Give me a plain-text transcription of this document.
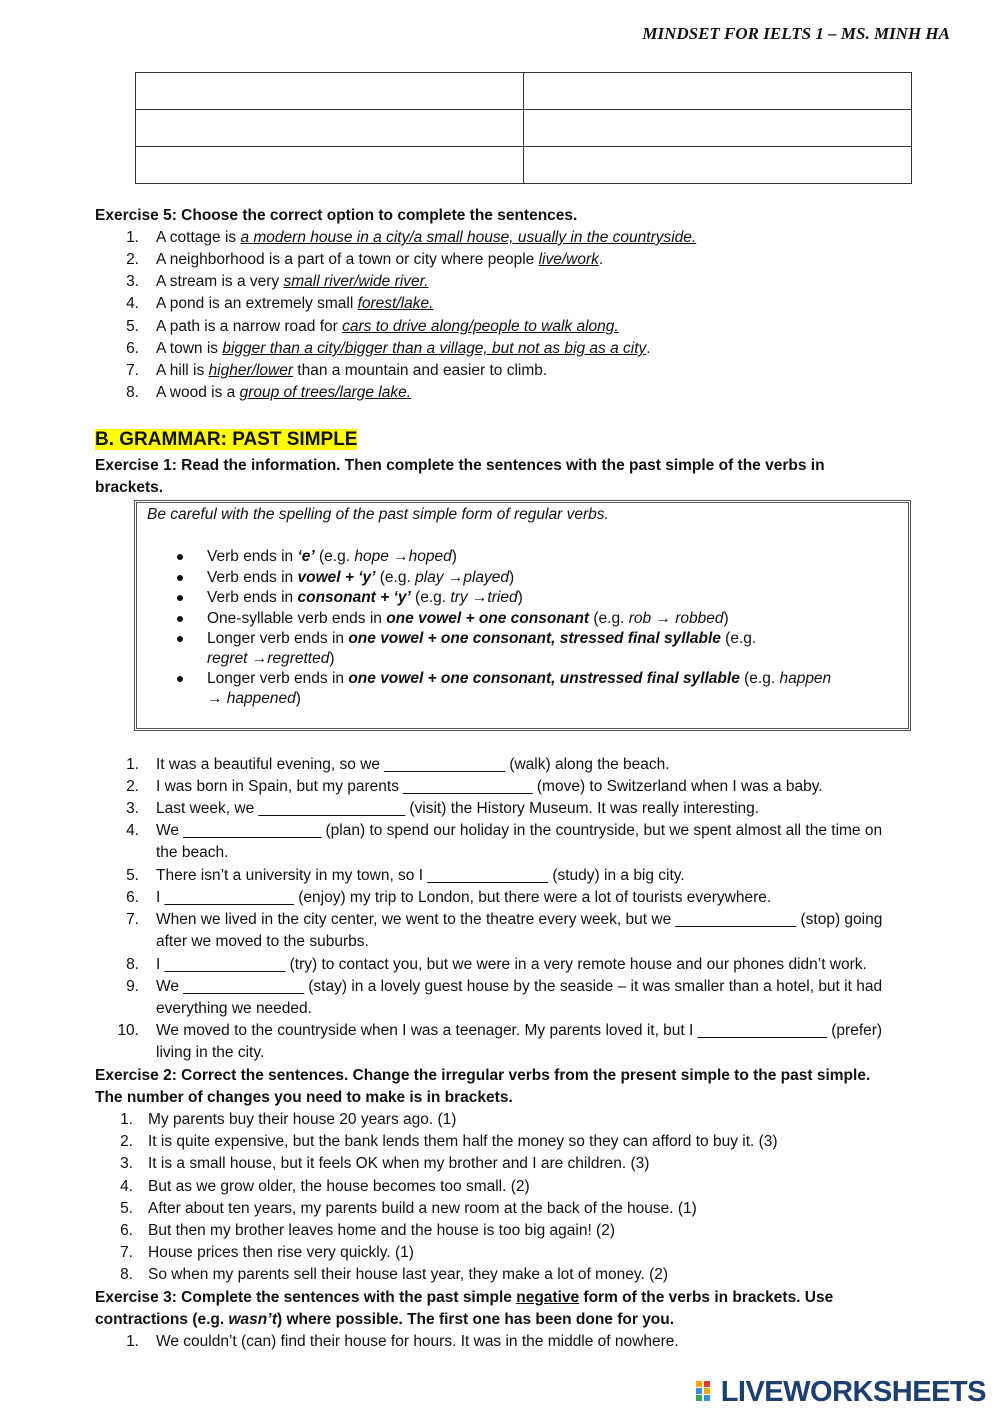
MINDSET FOR IELTS 1 – MS. MINH HA

Exercise 5: Choose the correct option to complete the sentences.
1. A cottage is a modern house in a city/a small house, usually in the countryside.
2. A neighborhood is a part of a town or city where people live/work.
3. A stream is a very small river/wide river.
4. A pond is an extremely small forest/lake.
5. A path is a narrow road for cars to drive along/people to walk along.
6. A town is bigger than a city/bigger than a village, but not as big as a city.
7. A hill is higher/lower than a mountain and easier to climb.
8. A wood is a group of trees/large lake.
B. GRAMMAR: PAST SIMPLE
Exercise 1: Read the information. Then complete the sentences with the past simple of the verbs in
brackets.
Be careful with the spelling of the past simple form of regular verbs.
Verb ends in ‘e’ (e.g. hope →hoped)
Verb ends in vowel + ‘y’ (e.g. play →played)
Verb ends in consonant + ‘y’ (e.g. try →tried)
One-syllable verb ends in one vowel + one consonant (e.g. rob → robbed)
Longer verb ends in one vowel + one consonant, stressed final syllable (e.g.
regret →regretted)
Longer verb ends in one vowel + one consonant, unstressed final syllable (e.g. happen
→ happened)
1. It was a beautiful evening, so we ______________ (walk) along the beach.
2. I was born in Spain, but my parents _______________ (move) to Switzerland when I was a baby.
3. Last week, we _________________ (visit) the History Museum. It was really interesting.
4. We ________________ (plan) to spend our holiday in the countryside, but we spent almost all the time on
the beach.
5. There isn’t a university in my town, so I ______________ (study) in a big city.
6. I _______________ (enjoy) my trip to London, but there were a lot of tourists everywhere.
7. When we lived in the city center, we went to the theatre every week, but we ______________ (stop) going
after we moved to the suburbs.
8. I ______________ (try) to contact you, but we were in a very remote house and our phones didn’t work.
9. We ______________ (stay) in a lovely guest house by the seaside – it was smaller than a hotel, but it had
everything we needed.
10. We moved to the countryside when I was a teenager. My parents loved it, but I _______________ (prefer)
living in the city.
Exercise 2: Correct the sentences. Change the irregular verbs from the present simple to the past simple.
The number of changes you need to make is in brackets.
1. My parents buy their house 20 years ago. (1)
2. It is quite expensive, but the bank lends them half the money so they can afford to buy it. (3)
3. It is a small house, but it feels OK when my brother and I are children. (3)
4. But as we grow older, the house becomes too small. (2)
5. After about ten years, my parents build a new room at the back of the house. (1)
6. But then my brother leaves home and the house is too big again! (2)
7. House prices then rise very quickly. (1)
8. So when my parents sell their house last year, they make a lot of money. (2)
Exercise 3: Complete the sentences with the past simple negative form of the verbs in brackets. Use
contractions (e.g. wasn’t) where possible. The first one has been done for you.
1. We couldn’t (can) find their house for hours. It was in the middle of nowhere.
LIVEWORKSHEETS
